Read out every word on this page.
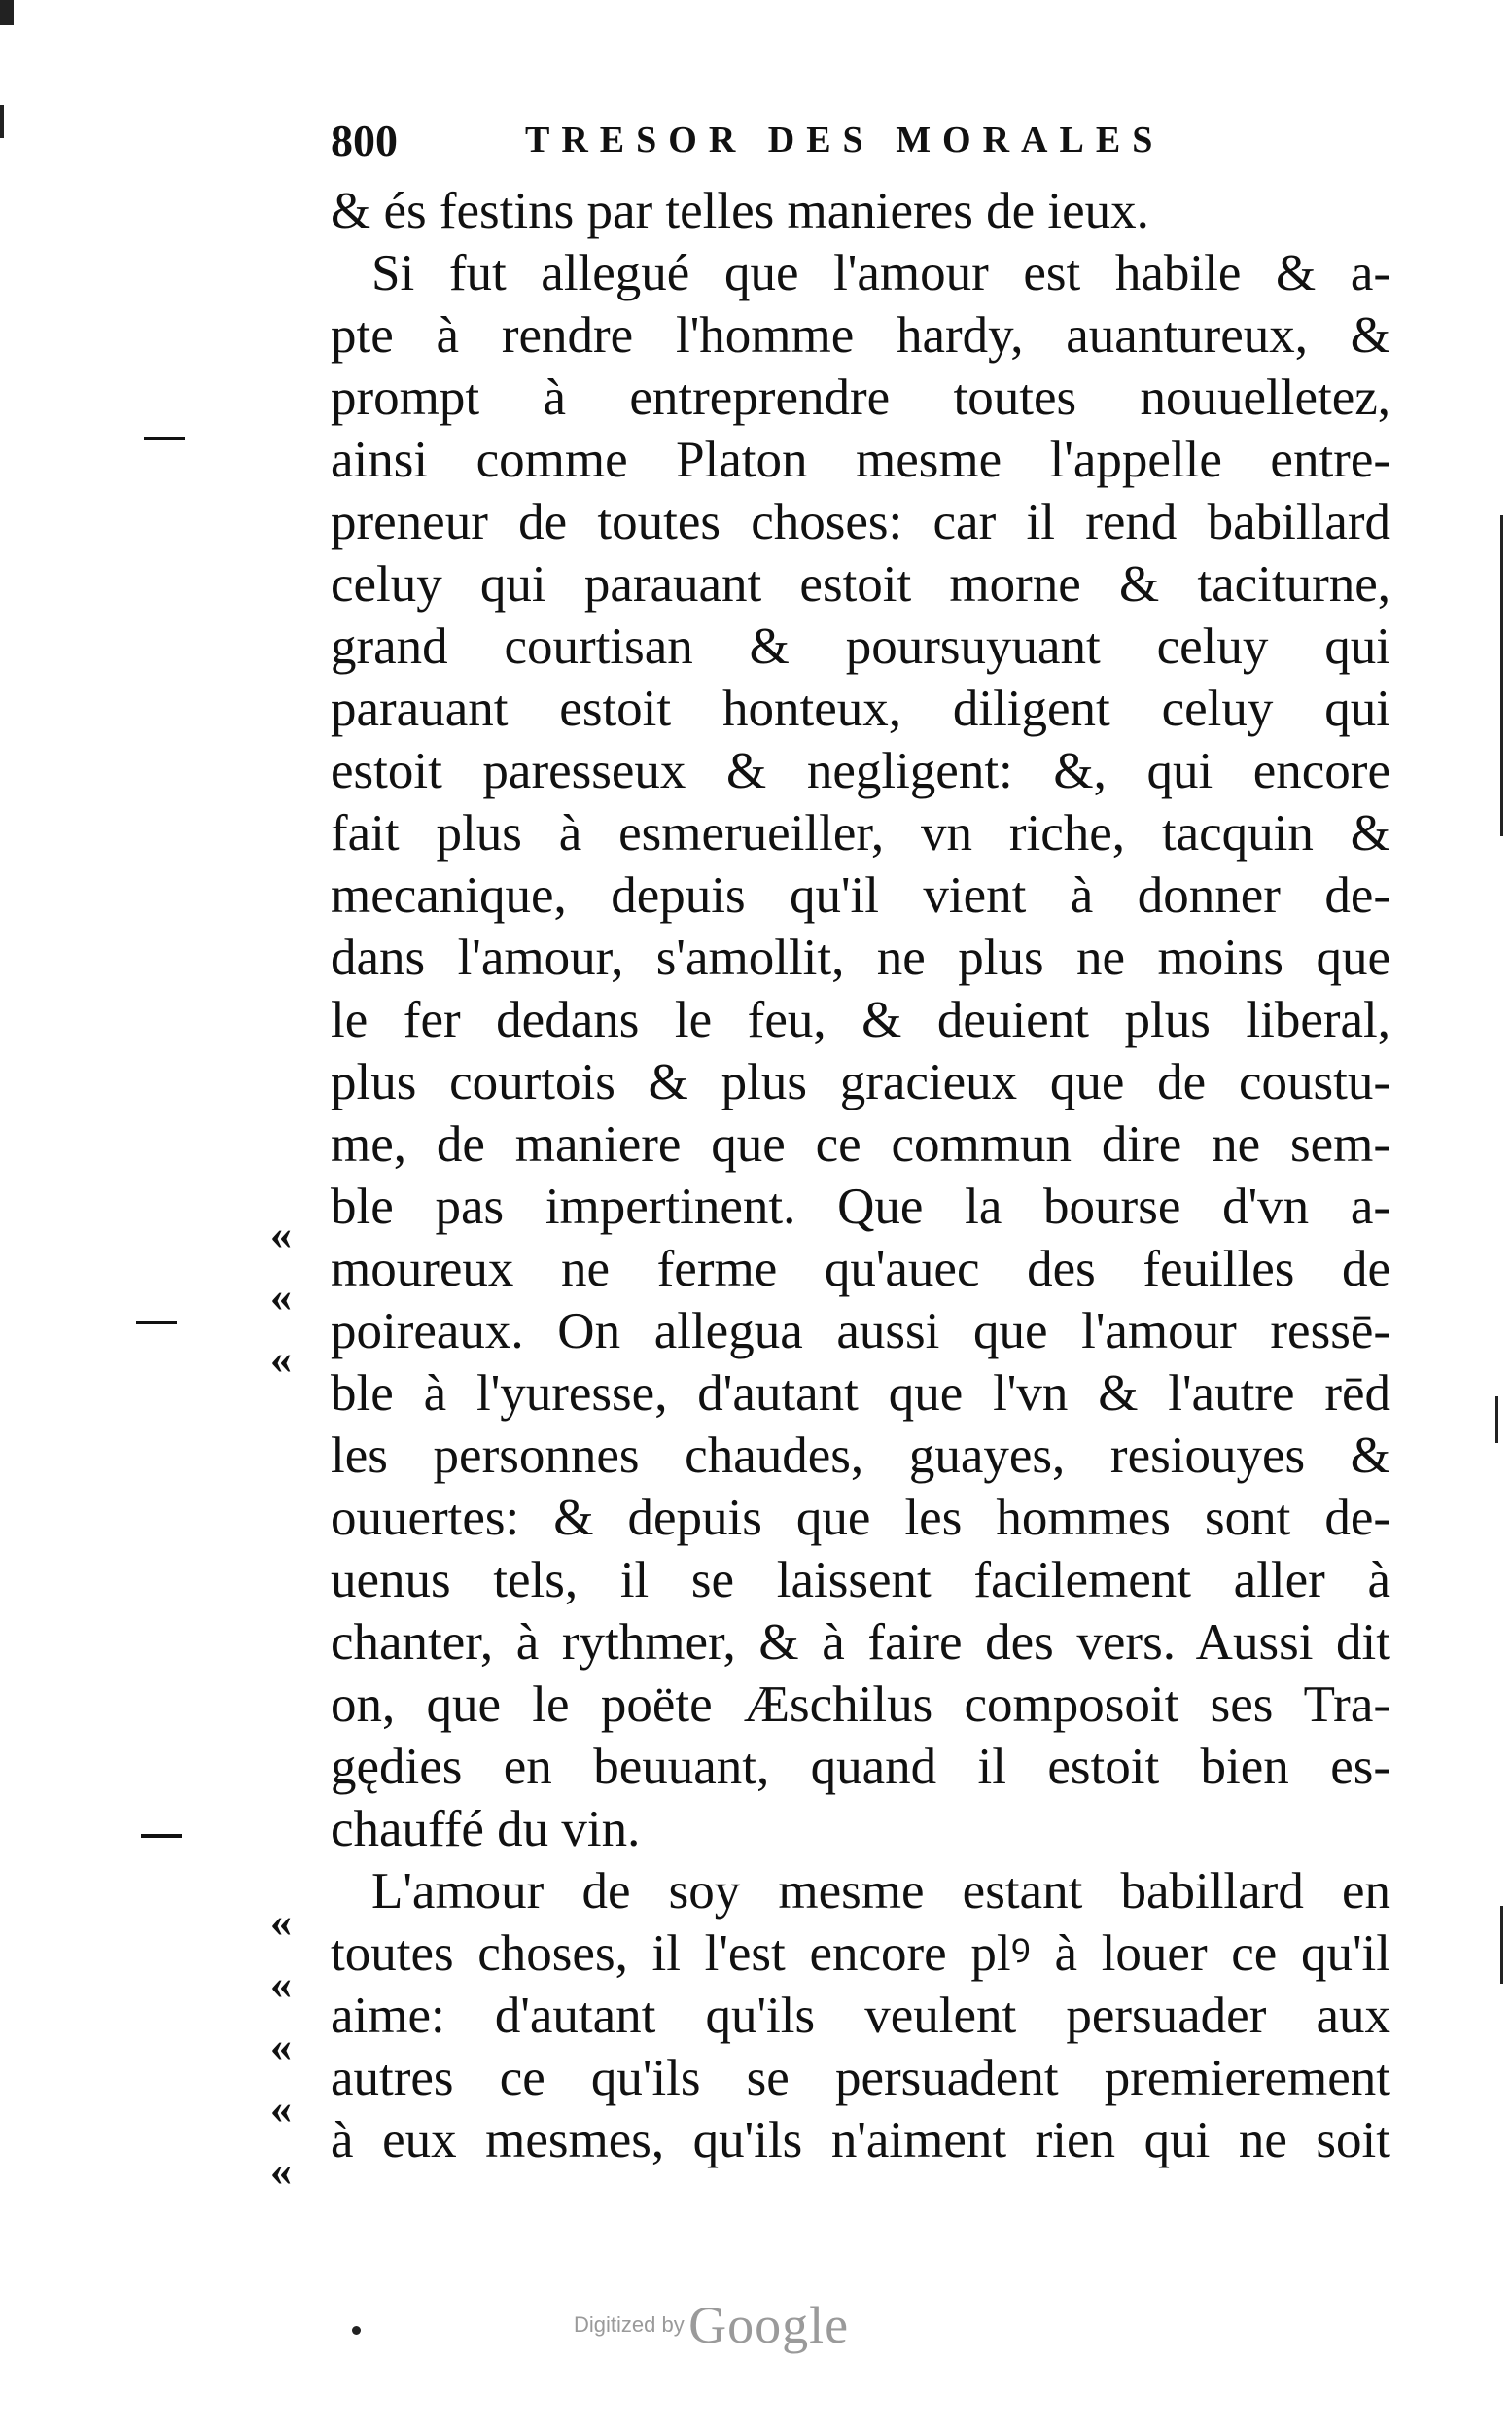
800	TRESOR DES MORALES
& és festins par telles manieres de ieux.
Si fut allegué que l'amour est habile & a-
pte à rendre l'homme hardy, auantureux, &
prompt à entreprendre toutes nouuelletez,
ainsi comme Platon mesme l'appelle entre-
preneur de toutes choses: car il rend babillard
celuy qui parauant estoit morne & taciturne,
grand courtisan & poursuyuant celuy qui
parauant estoit honteux, diligent celuy qui
estoit paresseux & negligent: &, qui encore
fait plus à esmerueiller, vn riche, tacquin &
mecanique, depuis qu'il vient à donner de-
dans l'amour, s'amollit, ne plus ne moins que
le fer dedans le feu, & deuient plus liberal,
plus courtois & plus gracieux que de coustu-
me, de maniere que ce commun dire ne sem-
ble pas impertinent. Que la bourse d'vn a-
moureux ne ferme qu'auec des feuilles de
poireaux. On allegua aussi que l'amour ressē-
ble à l'yuresse, d'autant que l'vn & l'autre rēd
les personnes chaudes, guayes, resiouyes &
ouuertes: & depuis que les hommes sont de-
uenus tels, il se laissent facilement aller à
chanter, à rythmer, & à faire des vers. Aussi dit
on, que le poëte Æschilus composoit ses Tra-
gędies en beuuant, quand il estoit bien es-
chauffé du vin.
L'amour de soy mesme estant babillard en
toutes choses, il l'est encore plꝰ à louer ce qu'il
aime: d'autant qu'ils veulent persuader aux
autres ce qu'ils se persuadent premierement
à eux mesmes, qu'ils n'aiment rien qui ne soit
«
«
«
«
«
«
«
«
Digitized by Google
